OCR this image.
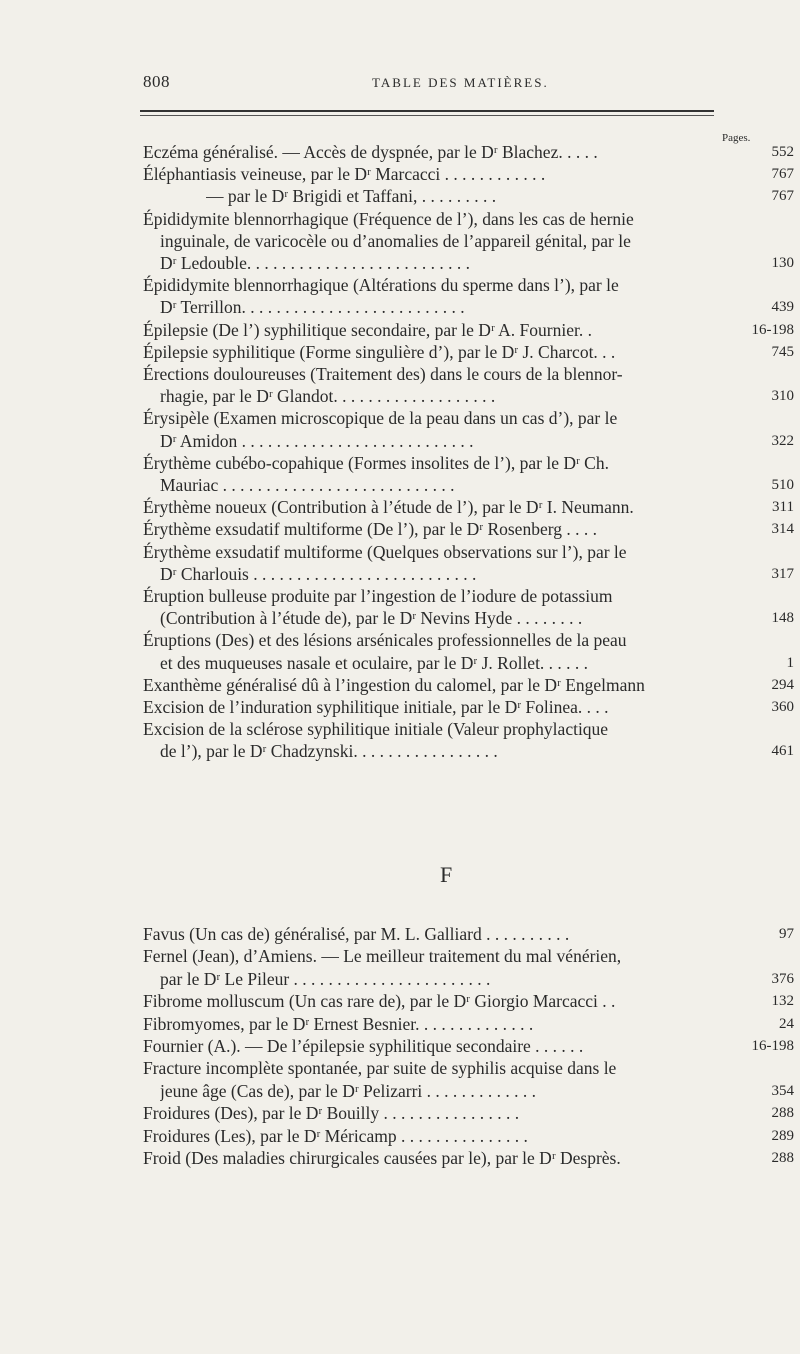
808	TABLE DES MATIÈRES.
Pages.
Eczéma généralisé. — Accès de dyspnée, par le Dʳ Blachez. . . . .	552
Éléphantiasis veineuse, par le Dʳ Marcacci . . . . . . . . . . . .	767
— par le Dʳ Brigidi et Taffani, . . . . . . . . .	767
Épididymite blennorrhagique (Fréquence de l’), dans les cas de hernie
inguinale, de varicocèle ou d’anomalies de l’appareil génital, par le
Dʳ Ledouble. . . . . . . . . . . . . . . . . . . . . . . . . .	130
Épididymite blennorrhagique (Altérations du sperme dans l’), par le
Dʳ Terrillon. . . . . . . . . . . . . . . . . . . . . . . . . .	439
Épilepsie (De l’) syphilitique secondaire, par le Dʳ A. Fournier. .	16-198
Épilepsie syphilitique (Forme singulière d’), par le Dʳ J. Charcot. . .	745
Érections douloureuses (Traitement des) dans le cours de la blennor-
rhagie, par le Dʳ Glandot. . . . . . . . . . . . . . . . . . .	310
Érysipèle (Examen microscopique de la peau dans un cas d’), par le
Dʳ Amidon . . . . . . . . . . . . . . . . . . . . . . . . . . .	322
Érythème cubébo-copahique (Formes insolites de l’), par le Dʳ Ch.
Mauriac . . . . . . . . . . . . . . . . . . . . . . . . . . .	510
Érythème noueux (Contribution à l’étude de l’), par le Dʳ I. Neumann.	311
Érythème exsudatif multiforme (De l’), par le Dʳ Rosenberg . . . .	314
Érythème exsudatif multiforme (Quelques observations sur l’), par le
Dʳ Charlouis . . . . . . . . . . . . . . . . . . . . . . . . . .	317
Éruption bulleuse produite par l’ingestion de l’iodure de potassium
(Contribution à l’étude de), par le Dʳ Nevins Hyde . . . . . . . .	148
Éruptions (Des) et des lésions arsénicales professionnelles de la peau
et des muqueuses nasale et oculaire, par le Dʳ J. Rollet. . . . . .	1
Exanthème généralisé dû à l’ingestion du calomel, par le Dʳ Engelmann	294
Excision de l’induration syphilitique initiale, par le Dʳ Folinea. . . .	360
Excision de la sclérose syphilitique initiale (Valeur prophylactique
de l’), par le Dʳ Chadzynski. . . . . . . . . . . . . . . . .	461
F
Favus (Un cas de) généralisé, par M. L. Galliard . . . . . . . . . .	97
Fernel (Jean), d’Amiens. — Le meilleur traitement du mal vénérien,
par le Dʳ Le Pileur . . . . . . . . . . . . . . . . . . . . . . .	376
Fibrome molluscum (Un cas rare de), par le Dʳ Giorgio Marcacci . .	132
Fibromyomes, par le Dʳ Ernest Besnier. . . . . . . . . . . . . .	24
Fournier (A.). — De l’épilepsie syphilitique secondaire . . . . . .	16-198
Fracture incomplète spontanée, par suite de syphilis acquise dans le
jeune âge (Cas de), par le Dʳ Pelizarri . . . . . . . . . . . . .	354
Froidures (Des), par le Dʳ Bouilly . . . . . . . . . . . . . . . .	288
Froidures (Les), par le Dʳ Méricamp . . . . . . . . . . . . . . .	289
Froid (Des maladies chirurgicales causées par le), par le Dʳ Desprès.	288
